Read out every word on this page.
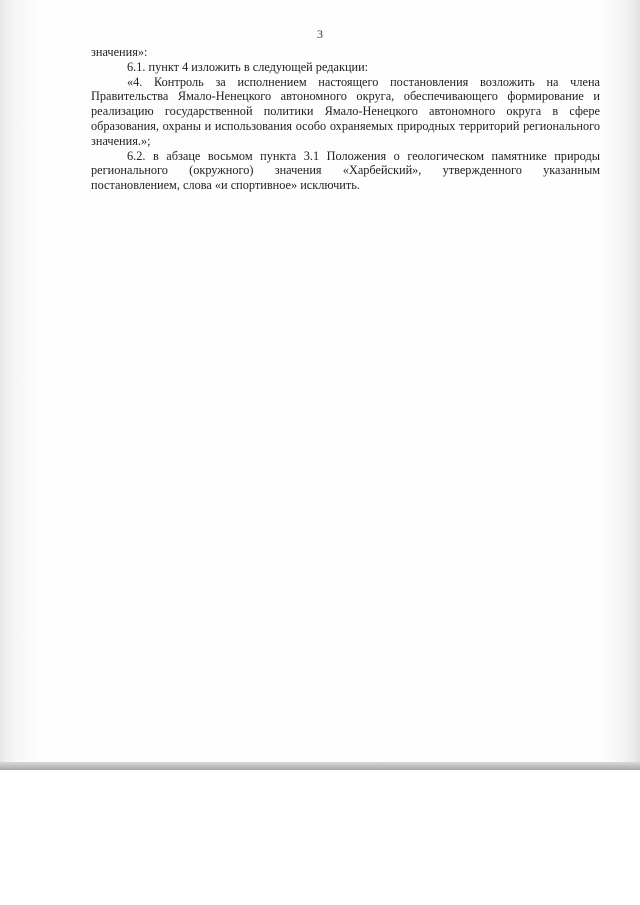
3

значения»:

6.1. пункт 4 изложить в следующей редакции:

«4. Контроль за исполнением настоящего постановления возложить на члена Правительства Ямало-Ненецкого автономного округа, обеспечивающего формирование и реализацию государственной политики Ямало-Ненецкого автономного округа в сфере образования, охраны и использования особо охраняемых природных территорий регионального значения.»;

6.2. в абзаце восьмом пункта 3.1 Положения о геологическом памятнике природы регионального (окружного) значения «Харбейский», утвержденного указанным постановлением, слова «и спортивное» исключить.
